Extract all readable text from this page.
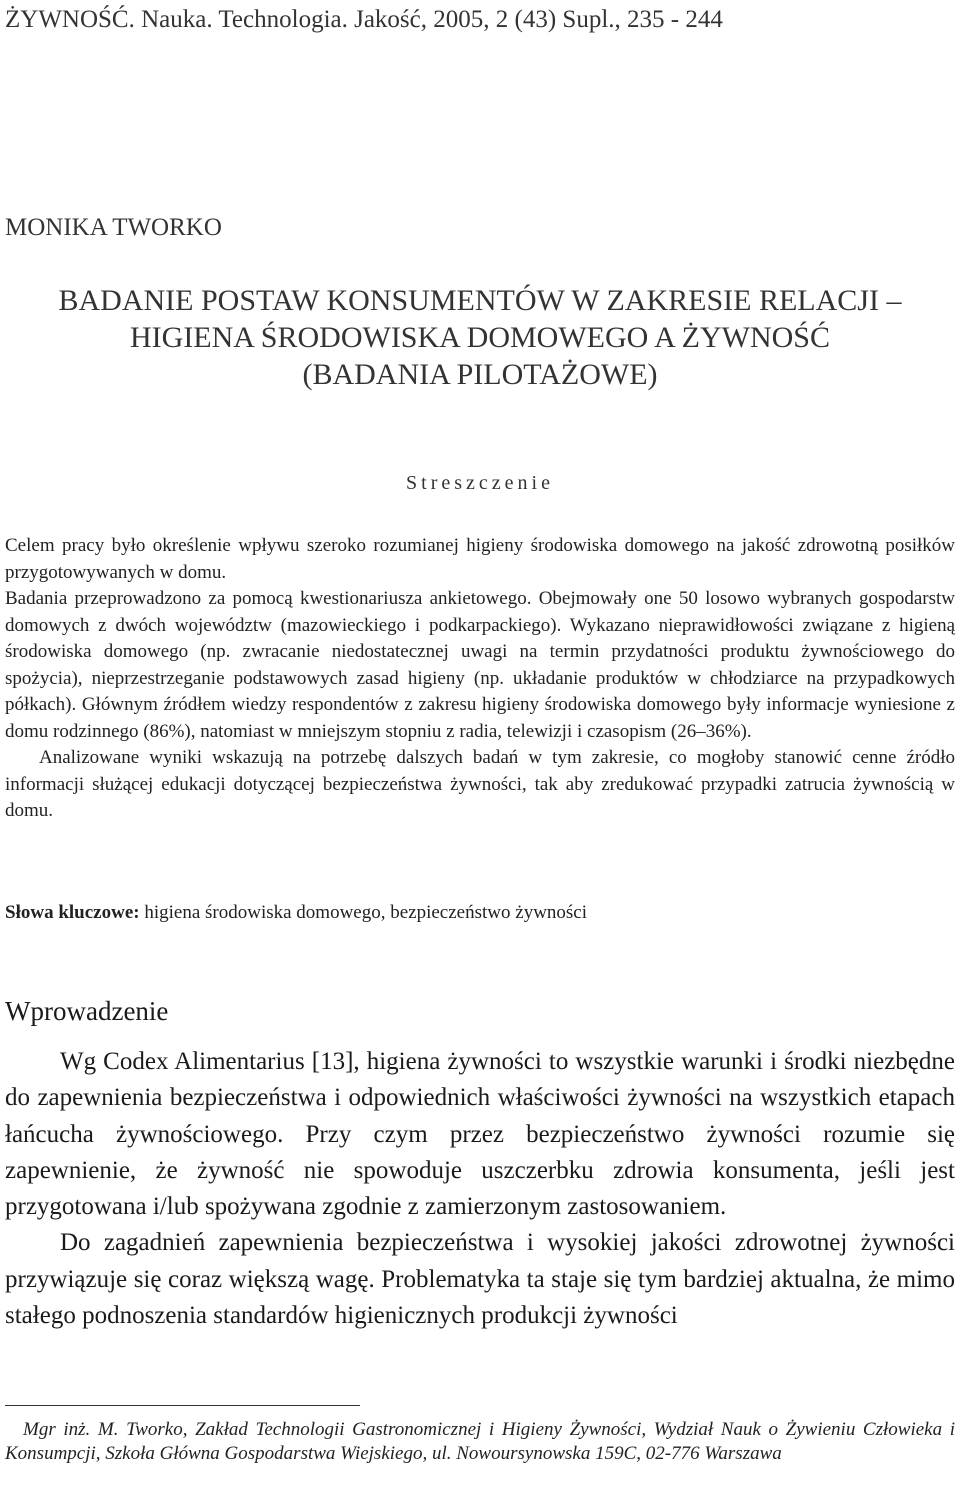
ŻYWNOŚĆ. Nauka. Technologia. Jakość, 2005, 2 (43) Supl., 235 - 244
MONIKA TWORKO
BADANIE POSTAW KONSUMENTÓW W ZAKRESIE RELACJI –
HIGIENA ŚRODOWISKA DOMOWEGO A ŻYWNOŚĆ
(BADANIA PILOTAŻOWE)
Streszczenie

Celem pracy było określenie wpływu szeroko rozumianej higieny środowiska domowego na jakość zdrowotną posiłków przygotowywanych w domu.

Badania przeprowadzono za pomocą kwestionariusza ankietowego. Obejmowały one 50 losowo wybranych gospodarstw domowych z dwóch województw (mazowieckiego i podkarpackiego). Wykazano nieprawidłowości związane z higieną środowiska domowego (np. zwracanie niedostatecznej uwagi na termin przydatności produktu żywnościowego do spożycia), nieprzestrzeganie podstawowych zasad higieny (np. układanie produktów w chłodziarce na przypadkowych półkach). Głównym źródłem wiedzy respondentów z zakresu higieny środowiska domowego były informacje wyniesione z domu rodzinnego (86%), natomiast w mniejszym stopniu z radia, telewizji i czasopism (26–36%).

Analizowane wyniki wskazują na potrzebę dalszych badań w tym zakresie, co mogłoby stanowić cenne źródło informacji służącej edukacji dotyczącej bezpieczeństwa żywności, tak aby zredukować przypadki zatrucia żywnością w domu.

Słowa kluczowe: higiena środowiska domowego, bezpieczeństwo żywności
Wprowadzenie

Wg Codex Alimentarius [13], higiena żywności to wszystkie warunki i środki niezbędne do zapewnienia bezpieczeństwa i odpowiednich właściwości żywności na wszystkich etapach łańcucha żywnościowego. Przy czym przez bezpieczeństwo żywności rozumie się zapewnienie, że żywność nie spowoduje uszczerbku zdrowia konsumenta, jeśli jest przygotowana i/lub spożywana zgodnie z zamierzonym zastosowaniem.

Do zagadnień zapewnienia bezpieczeństwa i wysokiej jakości zdrowotnej żywności przywiązuje się coraz większą wagę. Problematyka ta staje się tym bardziej aktualna, że mimo stałego podnoszenia standardów higienicznych produkcji żywności

Mgr inż. M. Tworko, Zakład Technologii Gastronomicznej i Higieny Żywności, Wydział Nauk o Żywieniu Człowieka i Konsumpcji, Szkoła Główna Gospodarstwa Wiejskiego, ul. Nowoursynowska 159C, 02-776 Warszawa
